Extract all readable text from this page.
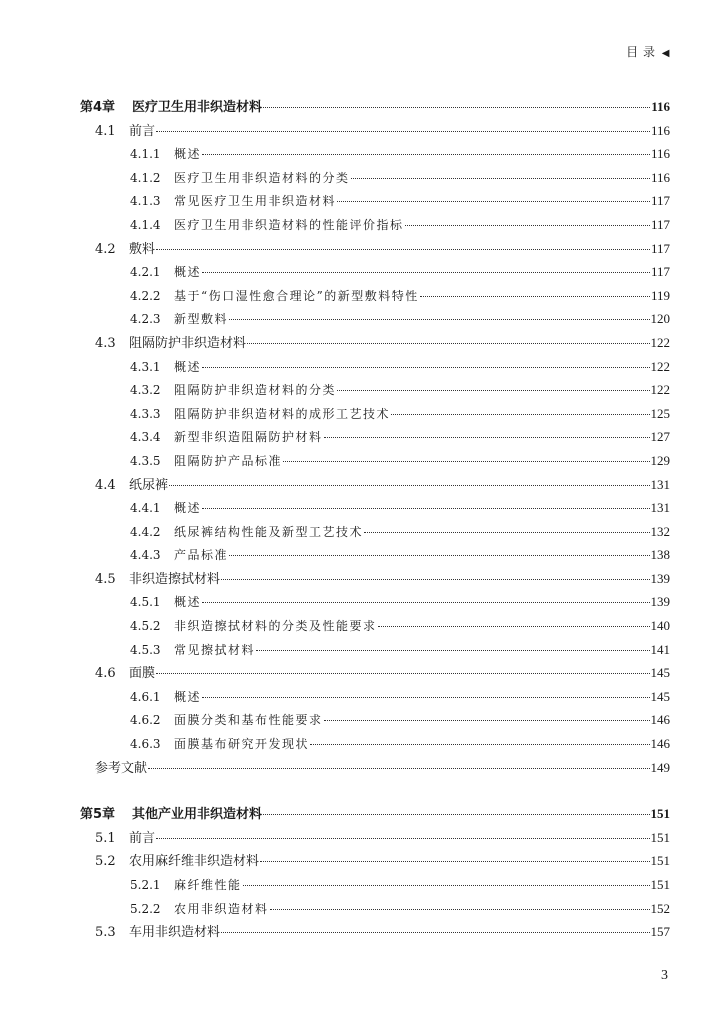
目 录 ◀
第4章	医疗卫生用非织造材料	116
4.1	前言	116
4.1.1	概述	116
4.1.2	医疗卫生用非织造材料的分类	116
4.1.3	常见医疗卫生用非织造材料	117
4.1.4	医疗卫生用非织造材料的性能评价指标	117
4.2	敷料	117
4.2.1	概述	117
4.2.2	基于“伤口湿性愈合理论”的新型敷料特性	119
4.2.3	新型敷料	120
4.3	阻隔防护非织造材料	122
4.3.1	概述	122
4.3.2	阻隔防护非织造材料的分类	122
4.3.3	阻隔防护非织造材料的成形工艺技术	125
4.3.4	新型非织造阻隔防护材料	127
4.3.5	阻隔防护产品标准	129
4.4	纸尿裤	131
4.4.1	概述	131
4.4.2	纸尿裤结构性能及新型工艺技术	132
4.4.3	产品标准	138
4.5	非织造擦拭材料	139
4.5.1	概述	139
4.5.2	非织造擦拭材料的分类及性能要求	140
4.5.3	常见擦拭材料	141
4.6	面膜	145
4.6.1	概述	145
4.6.2	面膜分类和基布性能要求	146
4.6.3	面膜基布研究开发现状	146
参考文献	149
第5章	其他产业用非织造材料	151
5.1	前言	151
5.2	农用麻纤维非织造材料	151
5.2.1	麻纤维性能	151
5.2.2	农用非织造材料	152
5.3	车用非织造材料	157
3
